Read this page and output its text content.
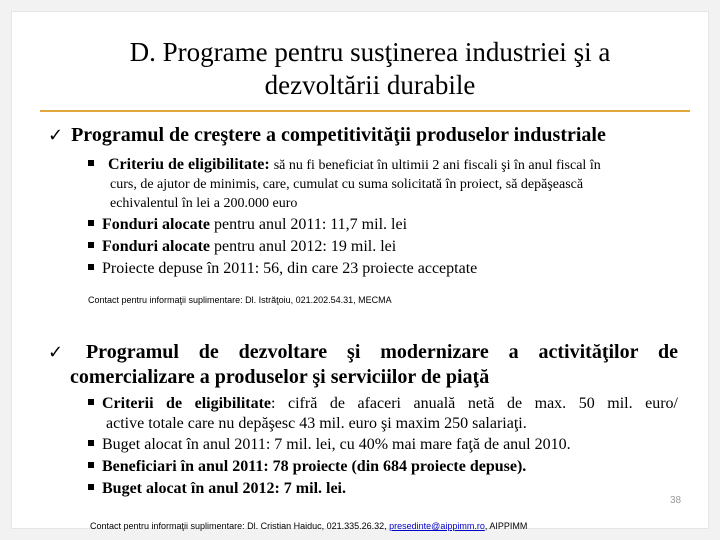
D. Programe pentru susţinerea industriei şi a
dezvoltării durabile
✓ Programul de creştere a competitivităţii produselor industriale
Criteriu de eligibilitate: să nu fi beneficiat în ultimii 2 ani fiscali şi în anul fiscal în
curs, de ajutor de minimis, care, cumulat cu suma solicitată în proiect, să depăşească
echivalentul în lei a 200.000 euro
Fonduri alocate pentru anul 2011: 11,7 mil. lei
Fonduri alocate pentru anul 2012: 19 mil. lei
Proiecte depuse în 2011: 56, din care 23 proiecte acceptate
Contact pentru informaţii suplimentare: Dl. Istrăţoiu, 021.202.54.31, MECMA
✓ Programul de dezvoltare şi modernizare a activităţilor de
comercializare a produselor şi serviciilor de piaţă
Criterii de eligibilitate: cifră de afaceri anuală netă de max. 50 mil. euro/
active totale care nu depăşesc 43 mil. euro şi maxim 250 salariaţi.
Buget alocat în anul 2011: 7 mil. lei, cu 40% mai mare faţă de anul 2010.
Beneficiari în anul 2011: 78 proiecte (din 684 proiecte depuse).
Buget alocat în anul 2012: 7 mil. lei.
Contact pentru informaţii suplimentare: Dl. Cristian Haiduc, 021.335.26.32, presedinte@aippimm.ro, AIPPIMM
38
